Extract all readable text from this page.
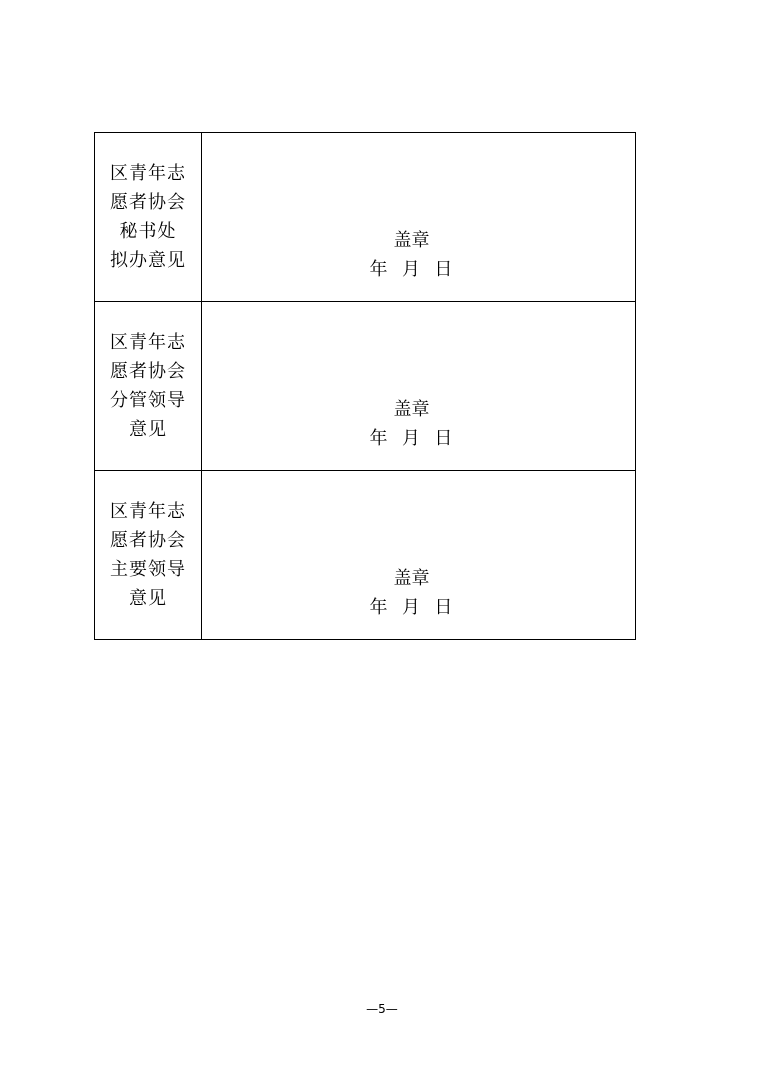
区青年志
愿者协会
秘书处
拟办意见	盖章
年  月  日

区青年志
愿者协会
分管领导
意见	盖章
年  月  日

区青年志
愿者协会
主要领导
意见	盖章
年  月  日
—5—
